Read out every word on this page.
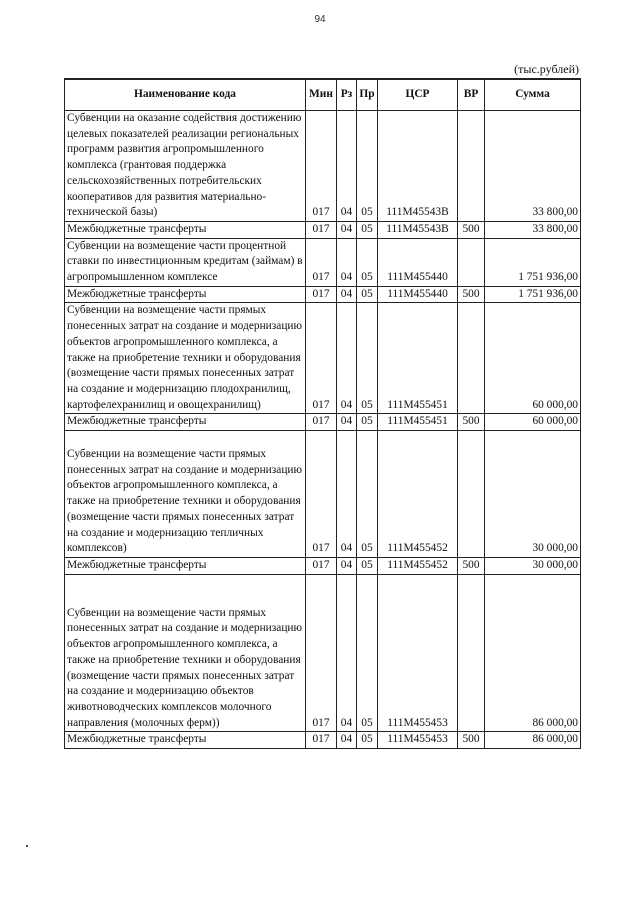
94
(тыс.рублей)
Наименование кода	Мин	Рз	Пр	ЦСР	ВР	Сумма
Субвенции на оказание содействия достижению целевых показателей реализации региональных программ развития агропромышленного комплекса (грантовая поддержка сельскохозяйственных потребительских кооперативов для развития материально-технической базы)	017	04	05	111M45543B		33 800,00
Межбюджетные трансферты	017	04	05	111M45543B	500	33 800,00
Субвенции на возмещение части процентной ставки по инвестиционным кредитам (займам) в агропромышленном комплексе	017	04	05	111M455440		1 751 936,00
Межбюджетные трансферты	017	04	05	111M455440	500	1 751 936,00
Субвенции на возмещение части прямых понесенных затрат на создание и модернизацию объектов агропромышленного комплекса, а также на приобретение техники и оборудования (возмещение части прямых понесенных затрат на создание и модернизацию плодохранилищ, картофелехранилищ и овощехранилищ)	017	04	05	111M455451		60 000,00
Межбюджетные трансферты	017	04	05	111M455451	500	60 000,00
Субвенции на возмещение части прямых понесенных затрат на создание и модернизацию объектов агропромышленного комплекса, а также на приобретение техники и оборудования (возмещение части прямых понесенных затрат на создание и модернизацию тепличных комплексов)	017	04	05	111M455452		30 000,00
Межбюджетные трансферты	017	04	05	111M455452	500	30 000,00
Субвенции на возмещение части прямых понесенных затрат на создание и модернизацию объектов агропромышленного комплекса, а также на приобретение техники и оборудования (возмещение части прямых понесенных затрат на создание и модернизацию объектов животноводческих комплексов молочного направления (молочных ферм))	017	04	05	111M455453		86 000,00
Межбюджетные трансферты	017	04	05	111M455453	500	86 000,00
